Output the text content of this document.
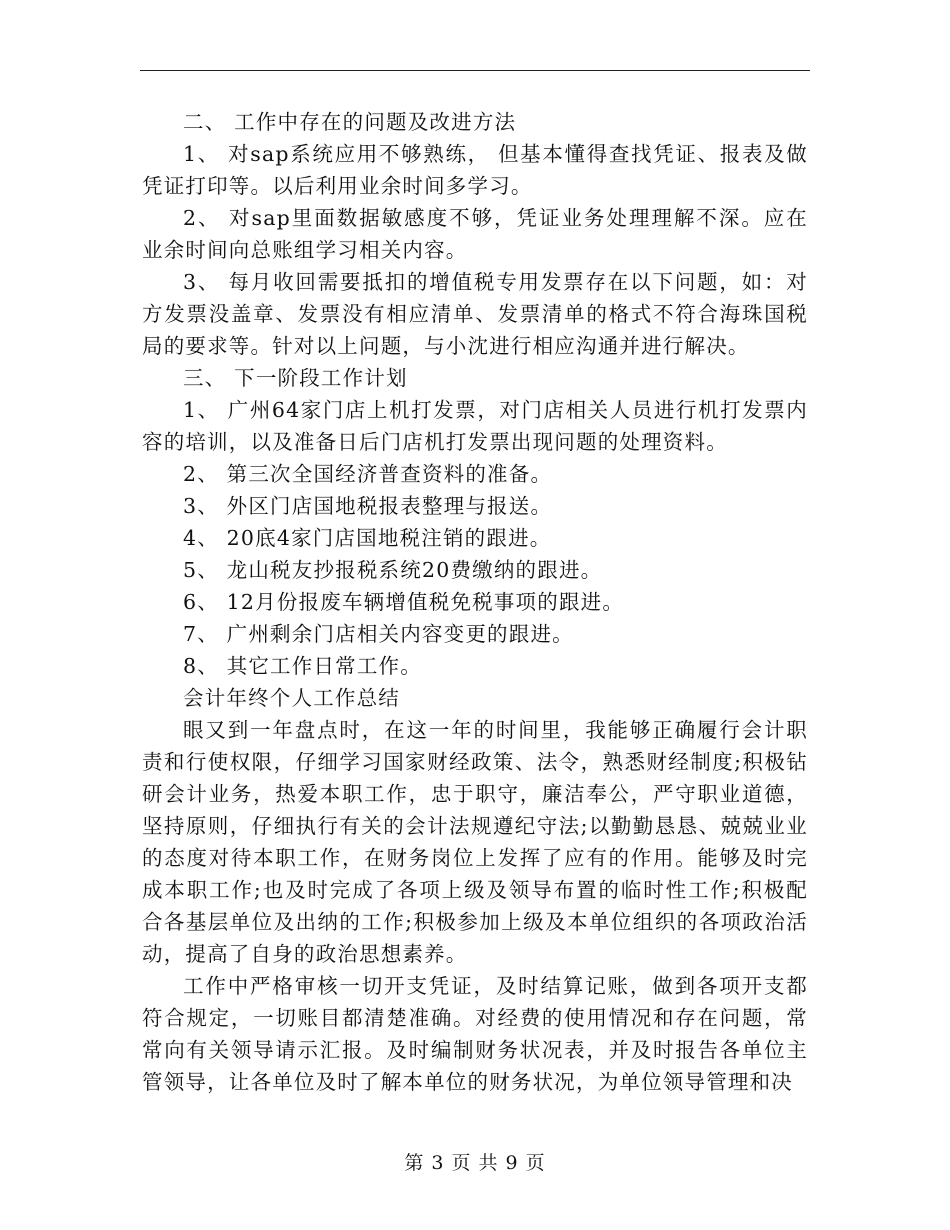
二、 工作中存在的问题及改进方法

1、 对sap系统应用不够熟练， 但基本懂得查找凭证、报表及做凭证打印等。以后利用业余时间多学习。

2、 对sap里面数据敏感度不够，凭证业务处理理解不深。应在业余时间向总账组学习相关内容。

3、 每月收回需要抵扣的增值税专用发票存在以下问题，如：对方发票没盖章、发票没有相应清单、发票清单的格式不符合海珠国税局的要求等。针对以上问题，与小沈进行相应沟通并进行解决。

三、 下一阶段工作计划

1、 广州64家门店上机打发票，对门店相关人员进行机打发票内容的培训，以及准备日后门店机打发票出现问题的处理资料。

2、 第三次全国经济普查资料的准备。

3、 外区门店国地税报表整理与报送。

4、 20底4家门店国地税注销的跟进。

5、 龙山税友抄报税系统20费缴纳的跟进。

6、 12月份报废车辆增值税免税事项的跟进。

7、 广州剩余门店相关内容变更的跟进。

8、 其它工作日常工作。

会计年终个人工作总结

眼又到一年盘点时，在这一年的时间里，我能够正确履行会计职责和行使权限，仔细学习国家财经政策、法令，熟悉财经制度;积极钻研会计业务，热爱本职工作，忠于职守，廉洁奉公，严守职业道德，坚持原则，仔细执行有关的会计法规遵纪守法;以勤勤恳恳、兢兢业业的态度对待本职工作，在财务岗位上发挥了应有的作用。能够及时完成本职工作;也及时完成了各项上级及领导布置的临时性工作;积极配合各基层单位及出纳的工作;积极参加上级及本单位组织的各项政治活动，提高了自身的政治思想素养。

工作中严格审核一切开支凭证，及时结算记账，做到各项开支都符合规定，一切账目都清楚准确。对经费的使用情况和存在问题，常常向有关领导请示汇报。及时编制财务状况表，并及时报告各单位主管领导，让各单位及时了解本单位的财务状况，为单位领导管理和决

第 3 页 共 9 页
